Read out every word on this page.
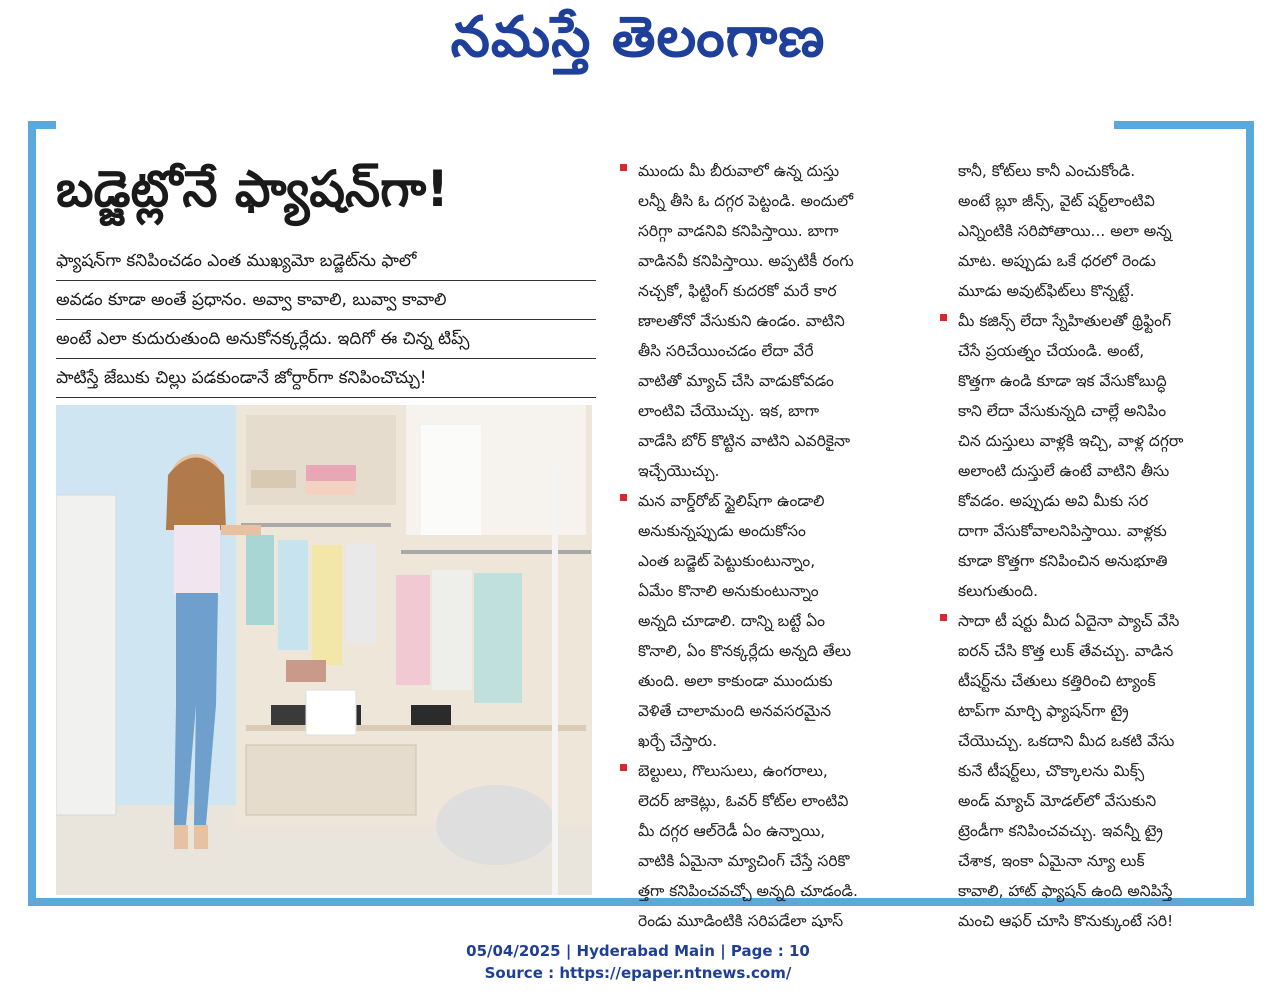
నమస్తే తెలంగాణ
బడ్జెట్లోనే ఫ్యాషన్‌గా!
ఫ్యాషన్‌గా కనిపించడం ఎంత ముఖ్యమో బడ్జెట్‌ను ఫాలో
అవడం కూడా అంతే ప్రధానం. అవ్వా కావాలి, బువ్వా కావాలి
అంటే ఎలా కుదురుతుంది అనుకోనక్కర్లేదు. ఇదిగో ఈ చిన్న టిప్స్
పాటిస్తే జేబుకు చిల్లు పడకుండానే జోర్దార్‌గా కనిపించొచ్చు!
ముందు మీ బీరువాలో ఉన్న దుస్తు
లన్నీ తీసి ఓ దగ్గర పెట్టండి. అందులో
సరిగ్గా వాడనివి కనిపిస్తాయి. బాగా
వాడినవీ కనిపిస్తాయి. అప్పటికీ రంగు
నచ్చకో, ఫిట్టింగ్ కుదరకో మరే కార
ణాలతోనో వేసుకుని ఉండం. వాటిని
తీసి సరిచేయించడం లేదా వేరే
వాటితో మ్యాచ్ చేసి వాడుకోవడం
లాంటివి చేయొచ్చు. ఇక, బాగా
వాడేసి బోర్ కొట్టిన వాటిని ఎవరికైనా
ఇచ్చేయొచ్చు.
మన వార్డ్‌రోబ్ స్టైలిష్‌గా ఉండాలి
అనుకున్నప్పుడు అందుకోసం
ఎంత బడ్జెట్ పెట్టుకుంటున్నాం,
ఏమేం కొనాలి అనుకుంటున్నాం
అన్నది చూడాలి. దాన్ని బట్టే ఏం
కొనాలి, ఏం కొనక్కర్లేదు అన్నది తేలు
తుంది. అలా కాకుండా ముందుకు
వెళితే చాలామంది అనవసరమైన
ఖర్చే చేస్తారు.
బెల్టులు, గొలుసులు, ఉంగరాలు,
లెదర్ జాకెట్లు, ఓవర్ కోట్‌ల లాంటివి
మీ దగ్గర ఆల్‌రెడీ ఏం ఉన్నాయి,
వాటికి ఏమైనా మ్యాచింగ్ చేస్తే సరికొ
త్తగా కనిపించవచ్చో అన్నది చూడండి.
రెండు మూడింటికి సరిపడేలా షూస్
కానీ, కోట్‌లు కానీ ఎంచుకోండి.
అంటే బ్లూ జీన్స్, వైట్ షర్ట్‌లాంటివి
ఎన్నింటికి సరిపోతాయి... అలా అన్న
మాట. అప్పుడు ఒకే ధరలో రెండు
మూడు అవుట్‌ఫిట్‌లు కొన్నట్టే.
మీ కజిన్స్ లేదా స్నేహితులతో థ్రిఫ్టింగ్
చేసే ప్రయత్నం చేయండి. అంటే,
కొత్తగా ఉండి కూడా ఇక వేసుకోబుద్ధి
కాని లేదా వేసుకున్నది చాల్లే అనిపిం
చిన దుస్తులు వాళ్లకి ఇచ్చి, వాళ్ల దగ్గరా
అలాంటి దుస్తులే ఉంటే వాటిని తీసు
కోవడం. అప్పుడు అవి మీకు సర
దాగా వేసుకోవాలనిపిస్తాయి. వాళ్లకు
కూడా కొత్తగా కనిపించిన అనుభూతి
కలుగుతుంది.
సాదా టీ షర్టు మీద ఏదైనా ప్యాచ్ వేసి
ఐరన్ చేసి కొత్త లుక్ తేవచ్చు. వాడిన
టీషర్ట్‌ను చేతులు కత్తిరించి ట్యాంక్
టాప్‌గా మార్చి ఫ్యాషన్‌గా ట్రై
చేయొచ్చు. ఒకదాని మీద ఒకటి వేసు
కునే టీషర్ట్‌లు, చొక్కాలను మిక్స్
అండ్ మ్యాచ్ మోడల్‌లో వేసుకుని
ట్రెండీగా కనిపించవచ్చు. ఇవన్నీ ట్రై
చేశాక, ఇంకా ఏమైనా న్యూ లుక్
కావాలి, హాట్ ఫ్యాషన్ ఉంది అనిపిస్తే
మంచి ఆఫర్ చూసి కొనుక్కుంటే సరి!
05/04/2025 | Hyderabad Main | Page : 10
Source : https://epaper.ntnews.com/
